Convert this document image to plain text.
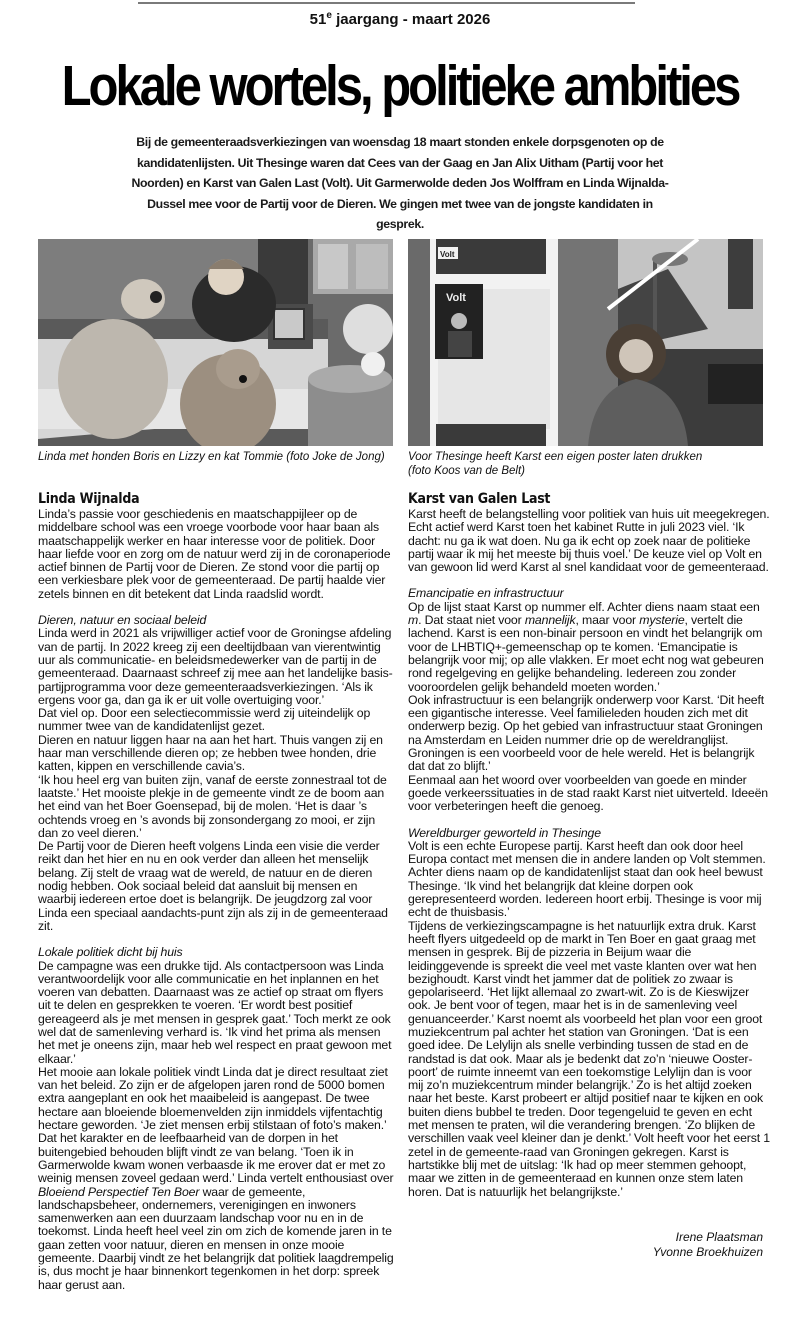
51e jaargang - maart 2026
Lokale wortels, politieke ambities
Bij de gemeenteraadsverkiezingen van woensdag 18 maart stonden enkele dorpsgenoten op de kandidatenlijsten. Uit Thesinge waren dat Cees van der Gaag en Jan Alix Uitham (Partij voor het Noorden) en Karst van Galen Last (Volt). Uit Garmerwolde deden Jos Wolffram en Linda Wijnalda-Dussel mee voor de Partij voor de Dieren. We gingen met twee van de jongste kandidaten in gesprek.
Linda met honden Boris en Lizzy en kat Tommie (foto Joke de Jong)
Volt
Volt
Voor Thesinge heeft Karst een eigen poster laten drukken
(foto Koos van de Belt)

Linda Wijnalda

Linda’s passie voor geschiedenis en maatschappijleer op de middelbare school was een vroege voorbode voor haar baan als maatschappelijk werker en haar interesse voor de politiek. Door haar liefde voor en zorg om de natuur werd zij in de coronaperiode actief binnen de Partij voor de Dieren. Ze stond voor die partij op een verkiesbare plek voor de gemeenteraad. De partij haalde vier zetels binnen en dit betekent dat Linda raadslid wordt.

Dieren, natuur en sociaal beleid

Linda werd in 2021 als vrijwilliger actief voor de Groningse afdeling van de partij. In 2022 kreeg zij een deeltijdbaan van vierentwintig uur als communicatie- en beleidsmedewerker van de partij in de gemeenteraad. Daarnaast schreef zij mee aan het landelijke basis-partijprogramma voor deze gemeenteraadsverkiezingen. ‘Als ik ergens voor ga, dan ga ik er uit volle overtuiging voor.’

Dat viel op. Door een selectiecommissie werd zij uiteindelijk op nummer twee van de kandidatenlijst gezet.

Dieren en natuur liggen haar na aan het hart. Thuis vangen zij en haar man verschillende dieren op; ze hebben twee honden, drie katten, kippen en verschillende cavia’s.

‘Ik hou heel erg van buiten zijn, vanaf de eerste zonnestraal tot de laatste.’ Het mooiste plekje in de gemeente vindt ze de boom aan het eind van het Boer Goensepad, bij de molen. ‘Het is daar ’s ochtends vroeg en ’s avonds bij zonsondergang zo mooi, er zijn dan zo veel dieren.’

De Partij voor de Dieren heeft volgens Linda een visie die verder reikt dan het hier en nu en ook verder dan alleen het menselijk belang. Zij stelt de vraag wat de wereld, de natuur en de dieren nodig hebben. Ook sociaal beleid dat aansluit bij mensen en waarbij iedereen ertoe doet is belangrijk. De jeugdzorg zal voor Linda een speciaal aandachts-punt zijn als zij in de gemeenteraad zit.

Lokale politiek dicht bij huis

De campagne was een drukke tijd. Als contactpersoon was Linda verantwoordelijk voor alle communicatie en het inplannen en het voeren van debatten. Daarnaast was ze actief op straat om flyers uit te delen en gesprekken te voeren. ‘Er wordt best positief gereageerd als je met mensen in gesprek gaat.’ Toch merkt ze ook wel dat de samenleving verhard is. ‘Ik vind het prima als mensen het met je oneens zijn, maar heb wel respect en praat gewoon met elkaar.’

Het mooie aan lokale politiek vindt Linda dat je direct resultaat ziet van het beleid. Zo zijn er de afgelopen jaren rond de 5000 bomen extra aangeplant en ook het maaibeleid is aangepast. De twee hectare aan bloeiende bloemenvelden zijn inmiddels vijfentachtig hectare geworden. ‘Je ziet mensen erbij stilstaan of foto’s maken.’

Dat het karakter en de leefbaarheid van de dorpen in het buitengebied behouden blijft vindt ze van belang. ‘Toen ik in Garmerwolde kwam wonen verbaasde ik me erover dat er met zo weinig mensen zoveel gedaan werd.’ Linda vertelt enthousiast over Bloeiend Perspectief Ten Boer waar de gemeente, landschapsbeheer, ondernemers, verenigingen en inwoners samenwerken aan een duurzaam landschap voor nu en in de toekomst. Linda heeft heel veel zin om zich de komende jaren in te gaan zetten voor natuur, dieren en mensen in onze mooie gemeente. Daarbij vindt ze het belangrijk dat politiek laagdrempelig is, dus mocht je haar binnenkort tegenkomen in het dorp: spreek haar gerust aan.

Karst van Galen Last

Karst heeft de belangstelling voor politiek van huis uit meegekregen. Echt actief werd Karst toen het kabinet Rutte in juli 2023 viel. ‘Ik dacht: nu ga ik wat doen. Nu ga ik echt op zoek naar de politieke partij waar ik mij het meeste bij thuis voel.’ De keuze viel op Volt en van gewoon lid werd Karst al snel kandidaat voor de gemeenteraad.

Emancipatie en infrastructuur

Op de lijst staat Karst op nummer elf. Achter diens naam staat een m. Dat staat niet voor mannelijk, maar voor mysterie, vertelt die lachend. Karst is een non-binair persoon en vindt het belangrijk om voor de LHBTIQ+-gemeenschap op te komen. ‘Emancipatie is belangrijk voor mij; op alle vlakken. Er moet echt nog wat gebeuren rond regelgeving en gelijke behandeling. Iedereen zou zonder vooroordelen gelijk behandeld moeten worden.’

Ook infrastructuur is een belangrijk onderwerp voor Karst. ‘Dit heeft een gigantische interesse. Veel familieleden houden zich met dit onderwerp bezig. Op het gebied van infrastructuur staat Groningen na Amsterdam en Leiden nummer drie op de wereldranglijst. Groningen is een voorbeeld voor de hele wereld. Het is belangrijk dat dat zo blijft.’

Eenmaal aan het woord over voorbeelden van goede en minder goede verkeerssituaties in de stad raakt Karst niet uitverteld. Ideeën voor verbeteringen heeft die genoeg.

Wereldburger geworteld in Thesinge

Volt is een echte Europese partij. Karst heeft dan ook door heel Europa contact met mensen die in andere landen op Volt stemmen. Achter diens naam op de kandidatenlijst staat dan ook heel bewust Thesinge. ‘Ik vind het belangrijk dat kleine dorpen ook gerepresenteerd worden. Iedereen hoort erbij. Thesinge is voor mij echt de thuisbasis.’

Tijdens de verkiezingscampagne is het natuurlijk extra druk. Karst heeft flyers uitgedeeld op de markt in Ten Boer en gaat graag met mensen in gesprek. Bij de pizzeria in Beijum waar die leidinggevende is spreekt die veel met vaste klanten over wat hen bezighoudt. Karst vindt het jammer dat de politiek zo zwaar is gepolariseerd. ‘Het lijkt allemaal zo zwart-wit. Zo is de Kieswijzer ook. Je bent voor of tegen, maar het is in de samenleving veel genuanceerder.’ Karst noemt als voorbeeld het plan voor een groot muziekcentrum pal achter het station van Groningen. ‘Dat is een goed idee. De Lelylijn als snelle verbinding tussen de stad en de randstad is dat ook. Maar als je bedenkt dat zo’n ‘nieuwe Ooster-poort’ de ruimte inneemt van een toekomstige Lelylijn dan is voor mij zo’n muziekcentrum minder belangrijk.’ Zo is het altijd zoeken naar het beste. Karst probeert er altijd positief naar te kijken en ook buiten diens bubbel te treden. Door tegengeluid te geven en echt met mensen te praten, wil die verandering brengen. ‘Zo blijken de verschillen vaak veel kleiner dan je denkt.’ Volt heeft voor het eerst 1 zetel in de gemeente-raad van Groningen gekregen. Karst is hartstikke blij met de uitslag: ‘Ik had op meer stemmen gehoopt, maar we zitten in de gemeenteraad en kunnen onze stem laten horen. Dat is natuurlijk het belangrijkste.’

Irene Plaatsman
Yvonne Broekhuizen
